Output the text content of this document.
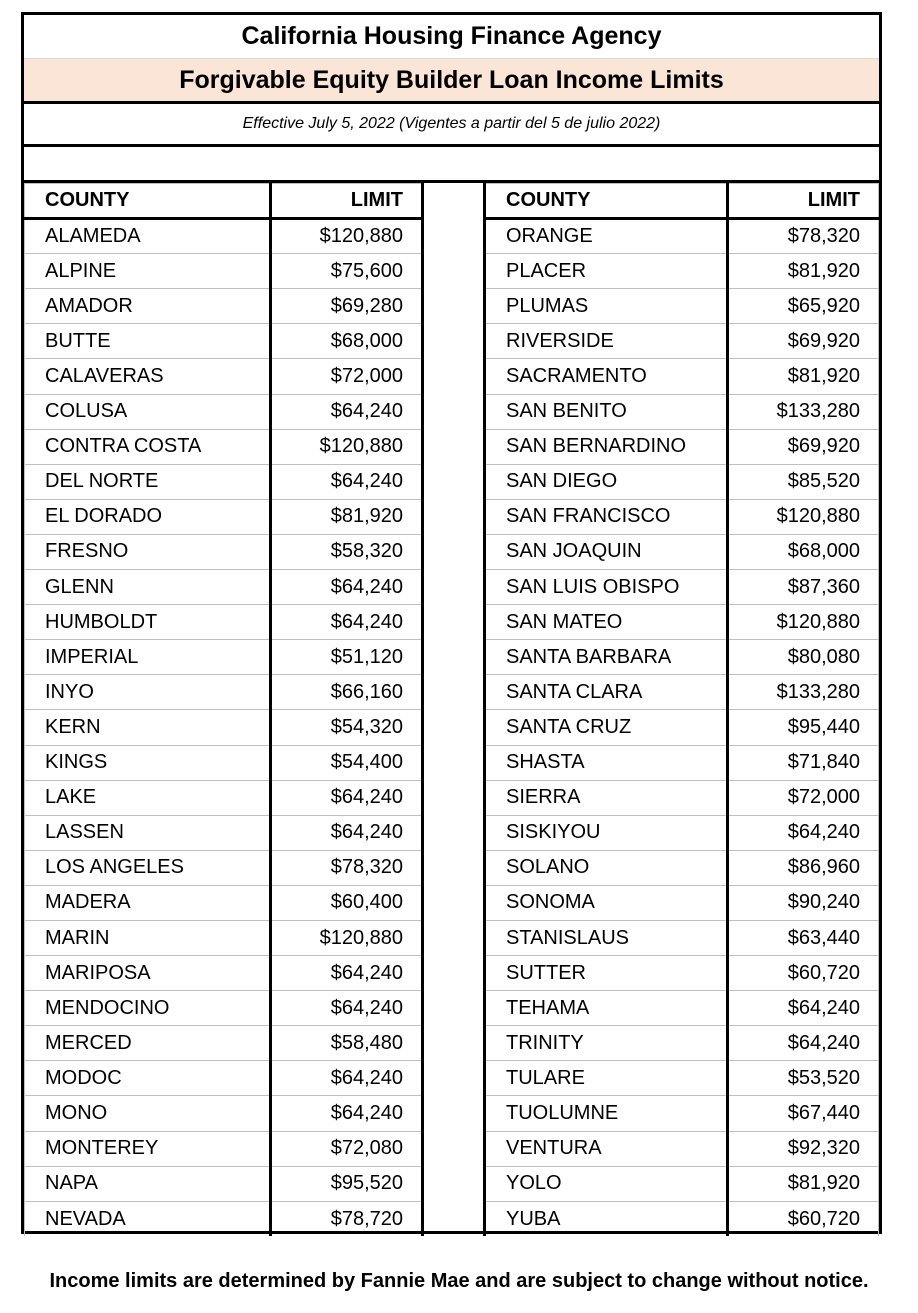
California Housing Finance Agency
Forgivable Equity Builder Loan Income Limits
Effective July 5, 2022 (Vigentes a partir del 5 de julio 2022)
COUNTY	LIMIT
ALAMEDA	$120,880
ALPINE	$75,600
AMADOR	$69,280
BUTTE	$68,000
CALAVERAS	$72,000
COLUSA	$64,240
CONTRA COSTA	$120,880
DEL NORTE	$64,240
EL DORADO	$81,920
FRESNO	$58,320
GLENN	$64,240
HUMBOLDT	$64,240
IMPERIAL	$51,120
INYO	$66,160
KERN	$54,320
KINGS	$54,400
LAKE	$64,240
LASSEN	$64,240
LOS ANGELES	$78,320
MADERA	$60,400
MARIN	$120,880
MARIPOSA	$64,240
MENDOCINO	$64,240
MERCED	$58,480
MODOC	$64,240
MONO	$64,240
MONTEREY	$72,080
NAPA	$95,520
NEVADA	$78,720
COUNTY	LIMIT
ORANGE	$78,320
PLACER	$81,920
PLUMAS	$65,920
RIVERSIDE	$69,920
SACRAMENTO	$81,920
SAN BENITO	$133,280
SAN BERNARDINO	$69,920
SAN DIEGO	$85,520
SAN FRANCISCO	$120,880
SAN JOAQUIN	$68,000
SAN LUIS OBISPO	$87,360
SAN MATEO	$120,880
SANTA BARBARA	$80,080
SANTA CLARA	$133,280
SANTA CRUZ	$95,440
SHASTA	$71,840
SIERRA	$72,000
SISKIYOU	$64,240
SOLANO	$86,960
SONOMA	$90,240
STANISLAUS	$63,440
SUTTER	$60,720
TEHAMA	$64,240
TRINITY	$64,240
TULARE	$53,520
TUOLUMNE	$67,440
VENTURA	$92,320
YOLO	$81,920
YUBA	$60,720
Income limits are determined by Fannie Mae and are subject to change without notice.
